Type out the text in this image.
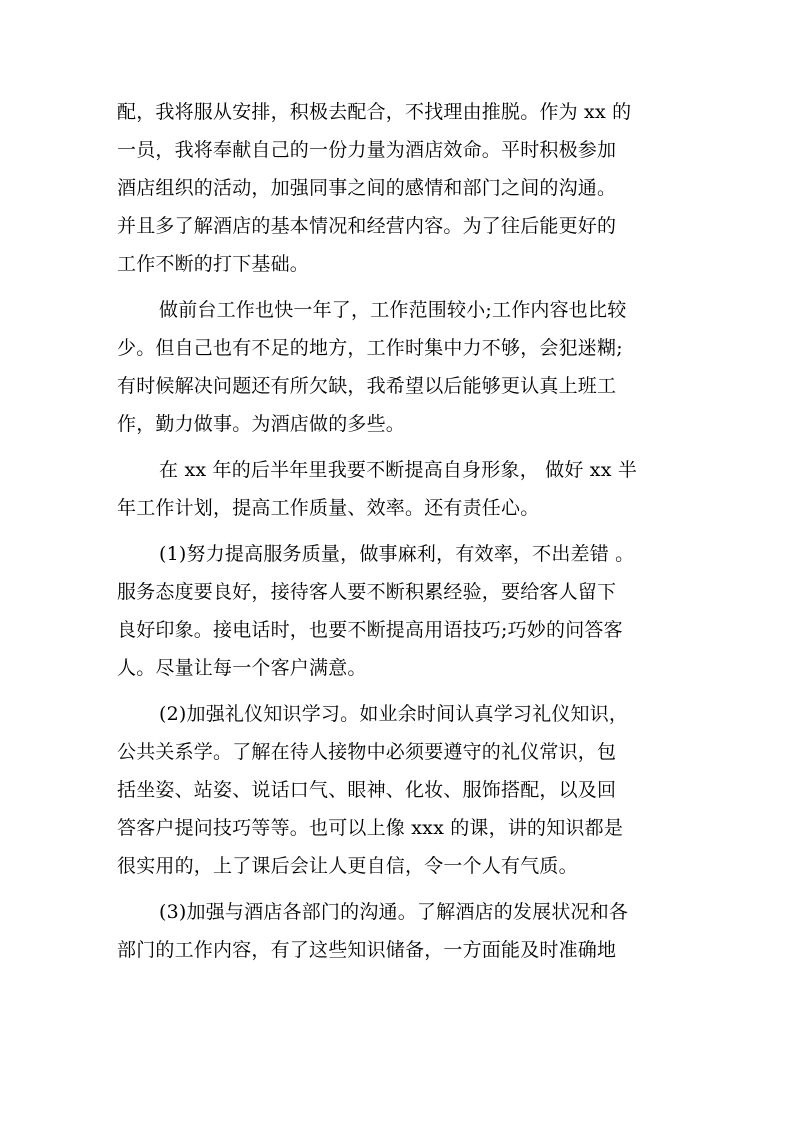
配，我将服从安排，积极去配合，不找理由推脱。作为 xx 的
一员，我将奉献自己的一份力量为酒店效命。平时积极参加
酒店组织的活动，加强同事之间的感情和部门之间的沟通。
并且多了解酒店的基本情况和经营内容。为了往后能更好的
工作不断的打下基础。
做前台工作也快一年了，工作范围较小;工作内容也比较
少。但自己也有不足的地方，工作时集中力不够，会犯迷糊;
有时候解决问题还有所欠缺，我希望以后能够更认真上班工
作，勤力做事。为酒店做的多些。
在 xx 年的后半年里我要不断提高自身形象， 做好 xx 半
年工作计划，提高工作质量、效率。还有责任心。
(1)努力提高服务质量，做事麻利，有效率，不出差错 。
服务态度要良好，接待客人要不断积累经验，要给客人留下
良好印象。接电话时，也要不断提高用语技巧;巧妙的问答客
人。尽量让每一个客户满意。
(2)加强礼仪知识学习。如业余时间认真学习礼仪知识，
公共关系学。了解在待人接物中必须要遵守的礼仪常识，包
括坐姿、站姿、说话口气、眼神、化妆、服饰搭配，以及回
答客户提问技巧等等。也可以上像 xxx 的课，讲的知识都是
很实用的，上了课后会让人更自信，令一个人有气质。
(3)加强与酒店各部门的沟通。了解酒店的发展状况和各
部门的工作内容，有了这些知识储备，一方面能及时准确地
